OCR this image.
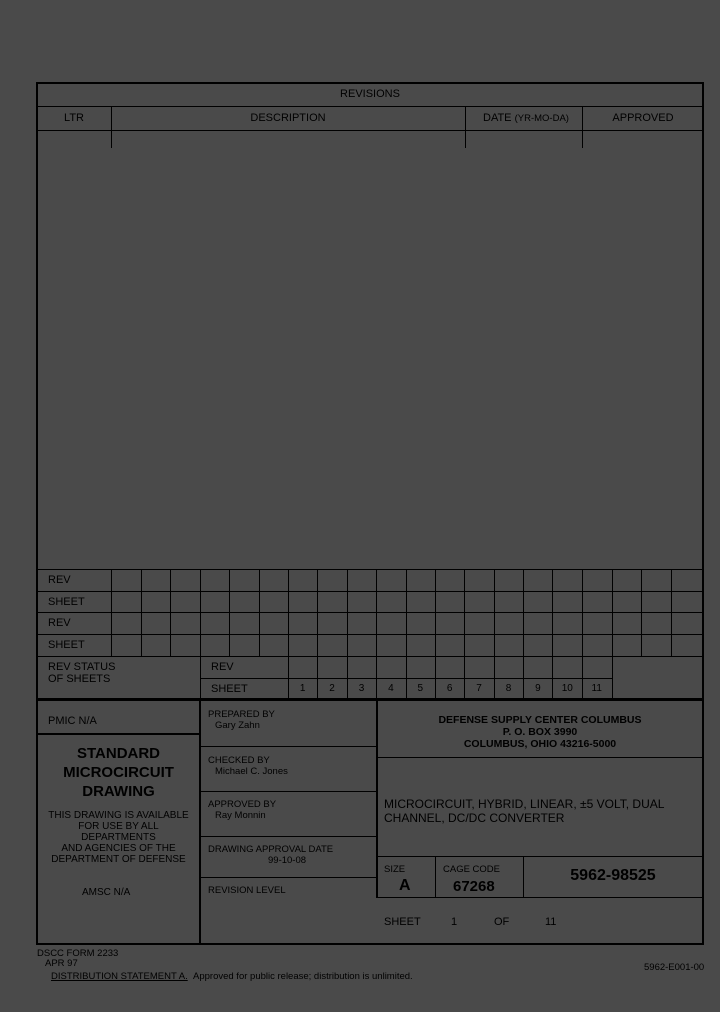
REVISIONS
LTR	DESCRIPTION	DATE (YR-MO-DA)	APPROVED
REV
SHEET
REV
SHEET
REV STATUS
OF SHEETS
REV
SHEET	1	2	3	4	5	6	7	8	9	10	11
PMIC N/A
STANDARD
MICROCIRCUIT
DRAWING
THIS DRAWING IS AVAILABLE
FOR USE BY ALL
DEPARTMENTS
AND AGENCIES OF THE
DEPARTMENT OF DEFENSE
AMSC N/A
PREPARED BY
Gary Zahn
CHECKED BY
Michael C. Jones
APPROVED BY
Ray Monnin
DRAWING APPROVAL DATE
99-10-08
REVISION LEVEL
DEFENSE SUPPLY CENTER COLUMBUS
P. O. BOX 3990
COLUMBUS, OHIO 43216-5000
MICROCIRCUIT, HYBRID, LINEAR, ±5 VOLT, DUAL
CHANNEL, DC/DC CONVERTER
SIZE
A
CAGE CODE
67268
5962-98525
SHEET	1	OF	11
DSCC FORM 2233
APR 97
DISTRIBUTION STATEMENT A. Approved for public release; distribution is unlimited.
5962-E001-00
